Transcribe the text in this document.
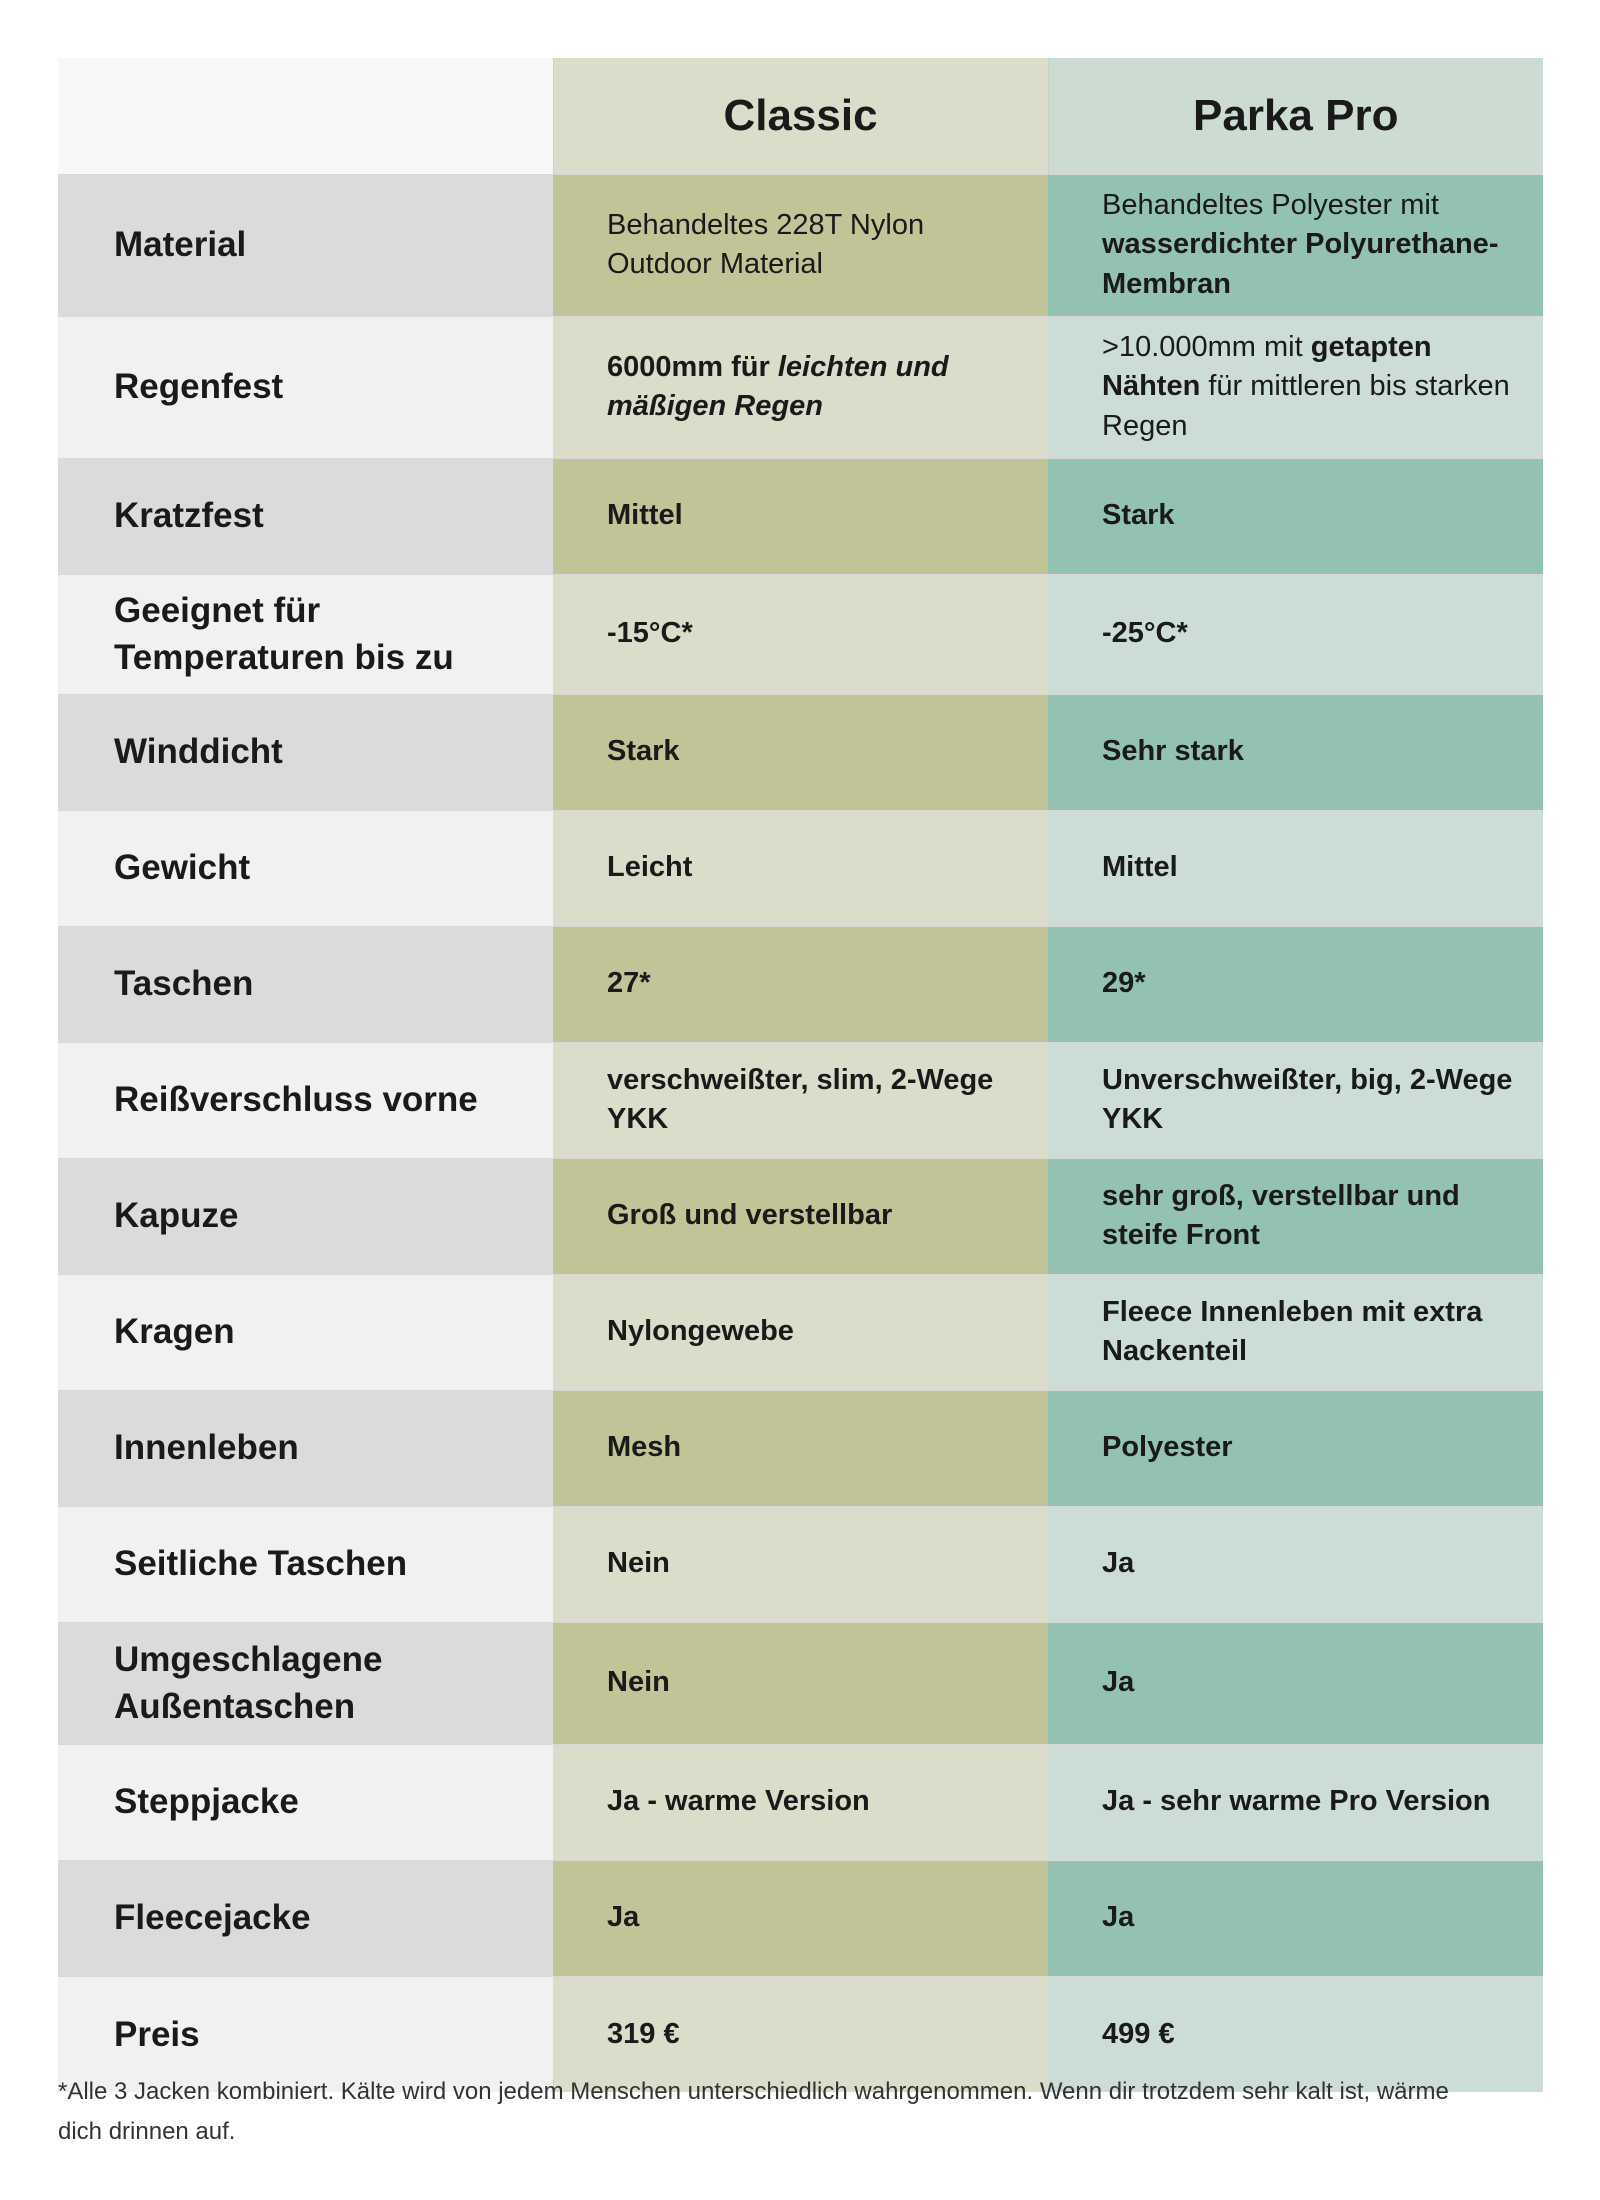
	Classic	Parka Pro
Material	Behandeltes 228T Nylon Outdoor Material	Behandeltes Polyester mit wasserdichter Polyurethane-Membran
Regenfest	6000mm für leichten und mäßigen Regen	>10.000mm mit getapten Nähten für mittleren bis starken Regen
Kratzfest	Mittel	Stark
Geeignet für Temperaturen bis zu	-15°C*	-25°C*
Winddicht	Stark	Sehr stark
Gewicht	Leicht	Mittel
Taschen	27*	29*
Reißverschluss vorne	verschweißter, slim, 2-Wege YKK	Unverschweißter, big, 2-Wege YKK
Kapuze	Groß und verstellbar	sehr groß, verstellbar und steife Front
Kragen	Nylongewebe	Fleece Innenleben mit extra Nackenteil
Innenleben	Mesh	Polyester
Seitliche Taschen	Nein	Ja
Umgeschlagene Außentaschen	Nein	Ja
Steppjacke	Ja - warme Version	Ja - sehr warme Pro Version
Fleecejacke	Ja	Ja
Preis	319 €	499 €
*Alle 3 Jacken kombiniert. Kälte wird von jedem Menschen unterschiedlich wahrgenommen. Wenn dir trotzdem sehr kalt ist, wärme dich drinnen auf.
